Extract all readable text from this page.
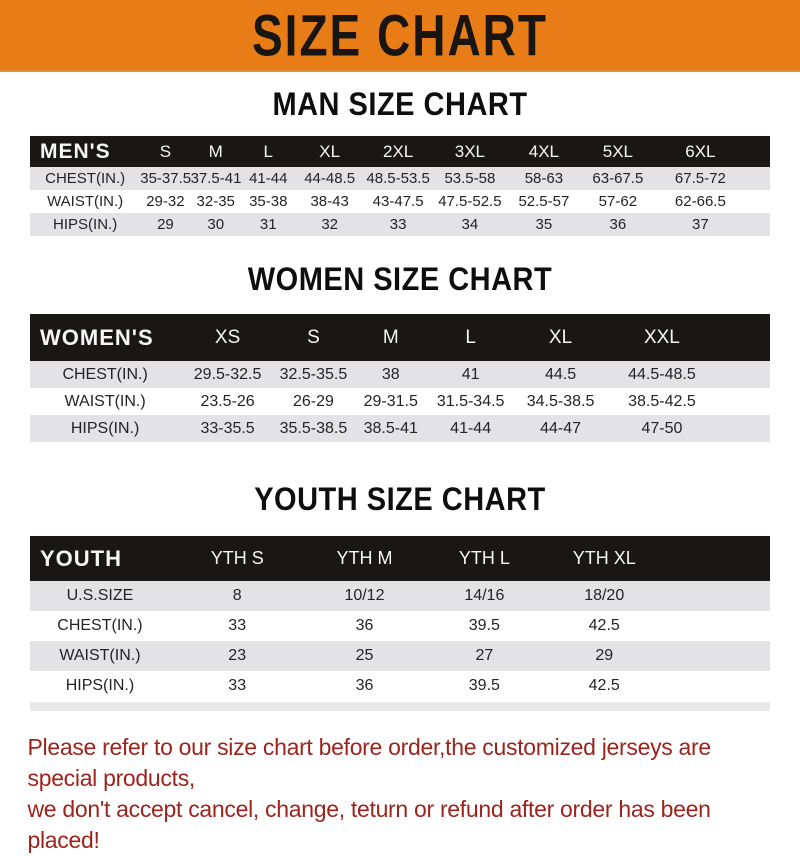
SIZE CHART
MAN SIZE CHART
MEN'S	S	M	L	XL	2XL	3XL	4XL	5XL	6XL	
CHEST(IN.)	35-37.5	37.5-41	41-44	44-48.5	48.5-53.5	53.5-58	58-63	63-67.5	67.5-72	
WAIST(IN.)	29-32	32-35	35-38	38-43	43-47.5	47.5-52.5	52.5-57	57-62	62-66.5	
HIPS(IN.)	29	30	31	32	33	34	35	36	37	
WOMEN SIZE CHART
WOMEN'S	XS	S	M	L	XL	XXL	
CHEST(IN.)	29.5-32.5	32.5-35.5	38	41	44.5	44.5-48.5	
WAIST(IN.)	23.5-26	26-29	29-31.5	31.5-34.5	34.5-38.5	38.5-42.5	
HIPS(IN.)	33-35.5	35.5-38.5	38.5-41	41-44	44-47	47-50	
YOUTH SIZE CHART
YOUTH	YTH S	YTH M	YTH L	YTH XL	
U.S.SIZE	8	10/12	14/16	18/20	
CHEST(IN.)	33	36	39.5	42.5	
WAIST(IN.)	23	25	27	29	
HIPS(IN.)	33	36	39.5	42.5	
Please refer to our size chart before order,the customized jerseys are special products,
we don't accept cancel, change, teturn or refund after order has been placed!
